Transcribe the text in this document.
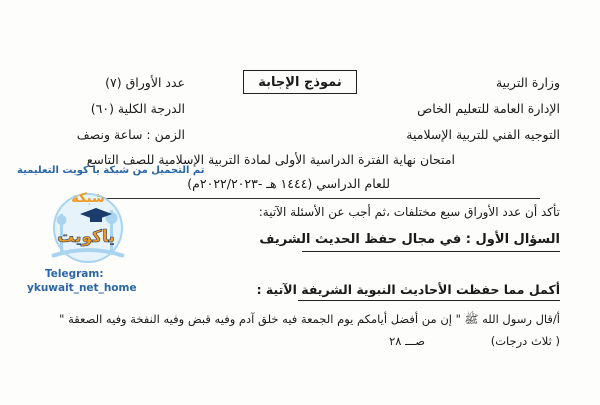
وزارة التربية
الإدارة العامة للتعليم الخاص
التوجيه الفني للتربية الإسلامية
عدد الأوراق (٧)
الدرجة الكلية (٦٠)
الزمن : ساعة ونصف
نموذج الإجابة
امتحان نهاية الفترة الدراسية الأولى لمادة التربية الإسلامية للصف التاسع
للعام الدراسي (١٤٤٤ هـ -٢٠٢٢/٢٠٢٣م)
تأكد أن عدد الأوراق سبع مختلفات ،ثم أجب عن الأسئلة الآتية:
السؤال الأول : في مجال حفظ الحديث الشريف
أكمل مما حفظت الأحاديث النبوية الشريفة الآتية :
أ/قال رسول الله ﷺ " إن من أفضل أيامكم يوم الجمعة فيه خلق آدم وفيه قبض وفيه النفخة وفيه الصعقة "
( ثلاث درجات)
صـــ ٢٨
تم التحميل من شبكة يا كويت التعليمية
شبكة
ياكويت
Telegram:
ykuwait_net_home
